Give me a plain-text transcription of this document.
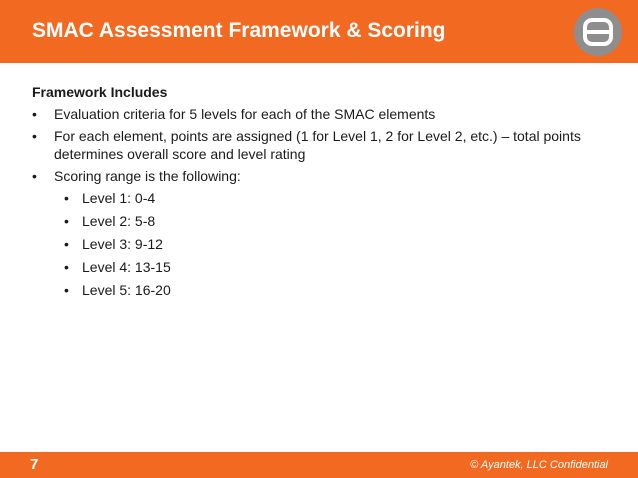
SMAC Assessment Framework & Scoring
Framework Includes
• Evaluation criteria for 5 levels for each of the SMAC elements
• For each element, points are assigned (1 for Level 1, 2 for Level 2, etc.) – total points determines overall score and level rating
• Scoring range is the following:
• Level 1: 0-4
• Level 2: 5-8
• Level 3: 9-12
• Level 4: 13-15
• Level 5: 16-20
7	© Ayantek, LLC Confidential
